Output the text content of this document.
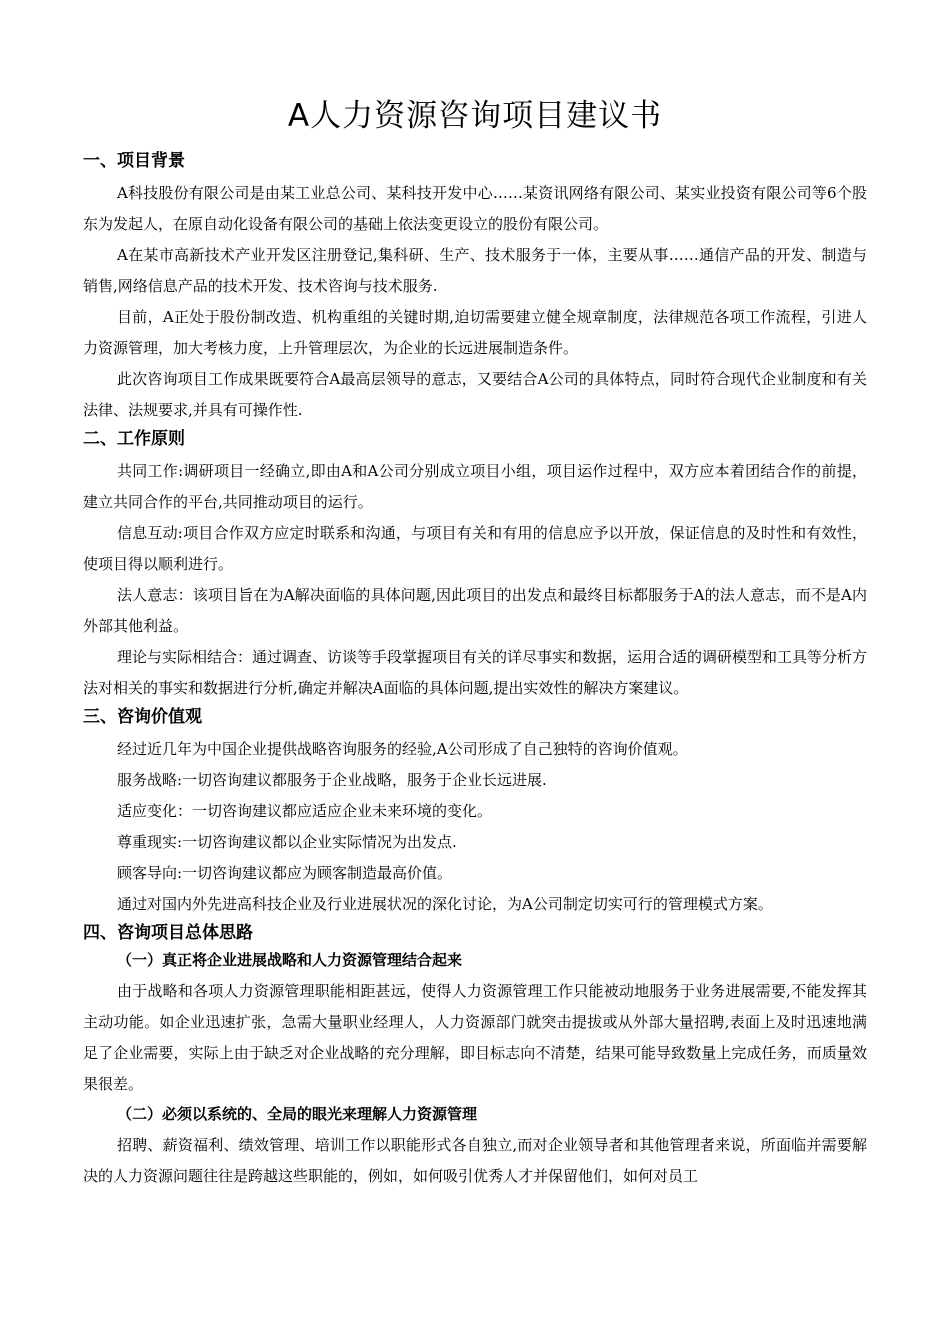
A人力资源咨询项目建议书
一、项目背景

A科技股份有限公司是由某工业总公司、某科技开发中心……某资讯网络有限公司、某实业投资有限公司等6个股东为发起人，在原自动化设备有限公司的基础上依法变更设立的股份有限公司。

A在某市高新技术产业开发区注册登记,集科研、生产、技术服务于一体，主要从事……通信产品的开发、制造与销售,网络信息产品的技术开发、技术咨询与技术服务.

目前，A正处于股份制改造、机构重组的关键时期,迫切需要建立健全规章制度，法律规范各项工作流程，引进人力资源管理，加大考核力度，上升管理层次，为企业的长远进展制造条件。

此次咨询项目工作成果既要符合A最高层领导的意志，又要结合A公司的具体特点，同时符合现代企业制度和有关法律、法规要求,并具有可操作性.

二、工作原则

共同工作:调研项目一经确立,即由A和A公司分别成立项目小组，项目运作过程中，双方应本着团结合作的前提，建立共同合作的平台,共同推动项目的运行。

信息互动:项目合作双方应定时联系和沟通，与项目有关和有用的信息应予以开放，保证信息的及时性和有效性，使项目得以顺利进行。

法人意志：该项目旨在为A解决面临的具体问题,因此项目的出发点和最终目标都服务于A的法人意志，而不是A内外部其他利益。

理论与实际相结合：通过调查、访谈等手段掌握项目有关的详尽事实和数据，运用合适的调研模型和工具等分析方法对相关的事实和数据进行分析,确定并解决A面临的具体问题,提出实效性的解决方案建议。

三、咨询价值观

经过近几年为中国企业提供战略咨询服务的经验,A公司形成了自己独特的咨询价值观。

服务战略:一切咨询建议都服务于企业战略，服务于企业长远进展.

适应变化：一切咨询建议都应适应企业未来环境的变化。

尊重现实:一切咨询建议都以企业实际情况为出发点.

顾客导向:一切咨询建议都应为顾客制造最高价值。

通过对国内外先进高科技企业及行业进展状况的深化讨论，为A公司制定切实可行的管理模式方案。

四、咨询项目总体思路
（一）真正将企业进展战略和人力资源管理结合起来

由于战略和各项人力资源管理职能相距甚远，使得人力资源管理工作只能被动地服务于业务进展需要,不能发挥其主动功能。如企业迅速扩张，急需大量职业经理人，人力资源部门就突击提拔或从外部大量招聘,表面上及时迅速地满足了企业需要，实际上由于缺乏对企业战略的充分理解，即目标志向不清楚，结果可能导致数量上完成任务，而质量效果很差。

（二）必须以系统的、全局的眼光来理解人力资源管理

招聘、薪资福利、绩效管理、培训工作以职能形式各自独立,而对企业领导者和其他管理者来说，所面临并需要解决的人力资源问题往往是跨越这些职能的，例如，如何吸引优秀人才并保留他们，如何对员工
